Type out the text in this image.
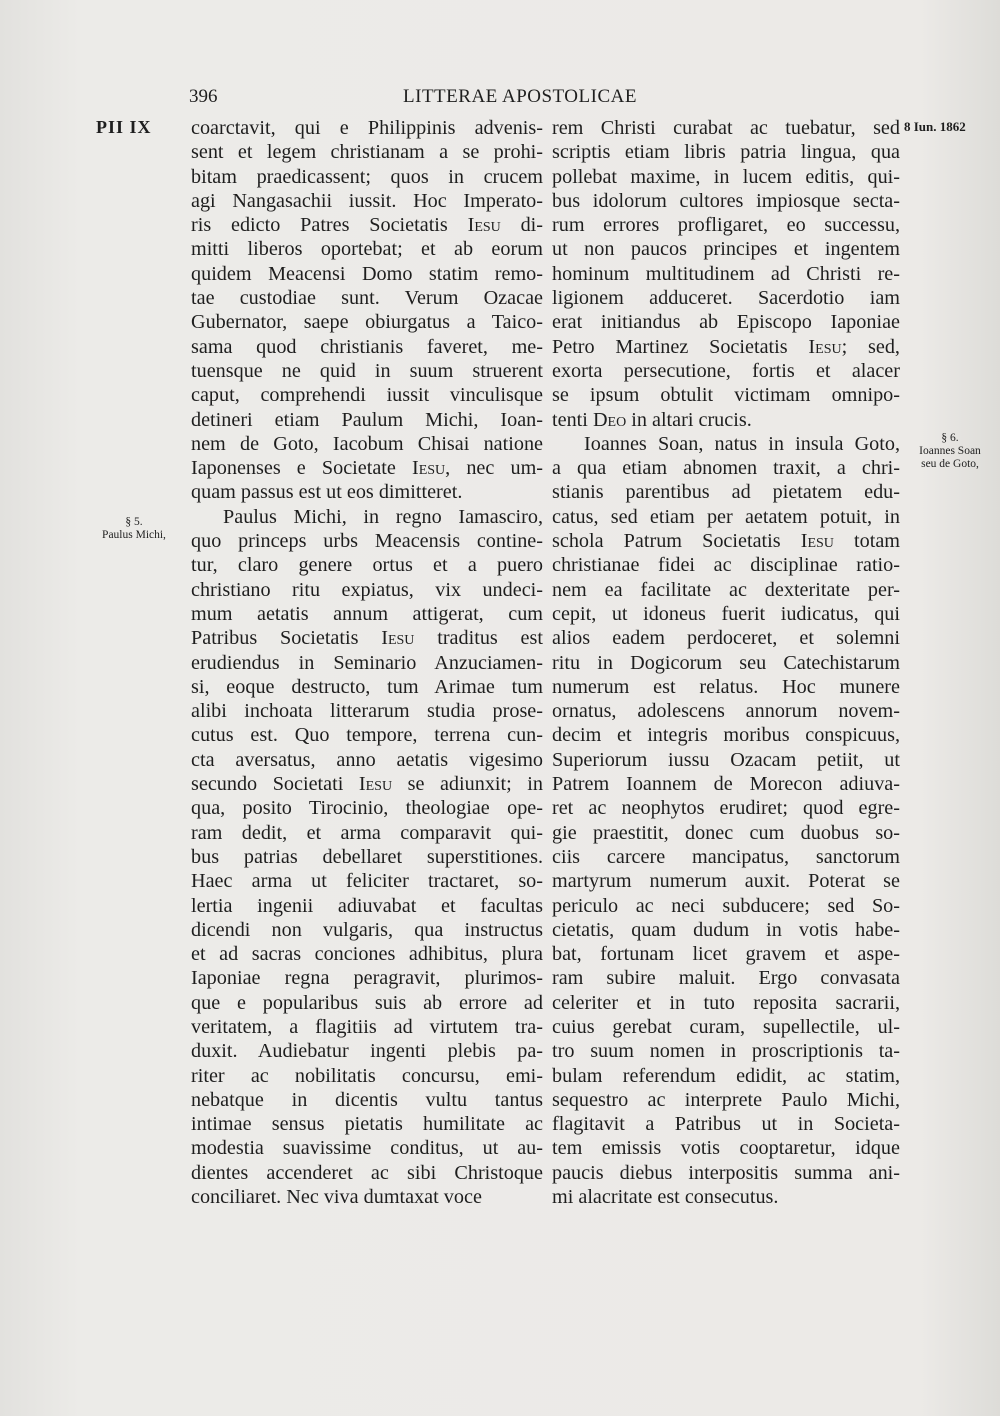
396	LITTERAE APOSTOLICAE
PII IX	8 Iun. 1862
§ 5.
Paulus Michi,
§ 6.
Ioannes Soan
seu de Goto,
coarctavit, qui e Philippinis advenis-
sent et legem christianam a se prohi-
bitam praedicassent; quos in crucem
agi Nangasachii iussit. Hoc Imperato-
ris edicto Patres Societatis Iesu di-
mitti liberos oportebat; et ab eorum
quidem Meacensi Domo statim remo-
tae custodiae sunt. Verum Ozacae
Gubernator, saepe obiurgatus a Taico-
sama quod christianis faveret, me-
tuensque ne quid in suum struerent
caput, comprehendi iussit vinculisque
detineri etiam Paulum Michi, Ioan-
nem de Goto, Iacobum Chisai natione
Iaponenses e Societate Iesu, nec um-
quam passus est ut eos dimitteret.
Paulus Michi, in regno Iamasciro,
quo princeps urbs Meacensis contine-
tur, claro genere ortus et a puero
christiano ritu expiatus, vix undeci-
mum aetatis annum attigerat, cum
Patribus Societatis Iesu traditus est
erudiendus in Seminario Anzuciamen-
si, eoque destructo, tum Arimae tum
alibi inchoata litterarum studia prose-
cutus est. Quo tempore, terrena cun-
cta aversatus, anno aetatis vigesimo
secundo Societati Iesu se adiunxit; in
qua, posito Tirocinio, theologiae ope-
ram dedit, et arma comparavit qui-
bus patrias debellaret superstitiones.
Haec arma ut feliciter tractaret, so-
lertia ingenii adiuvabat et facultas
dicendi non vulgaris, qua instructus
et ad sacras conciones adhibitus, plura
Iaponiae regna peragravit, plurimos-
que e popularibus suis ab errore ad
veritatem, a flagitiis ad virtutem tra-
duxit. Audiebatur ingenti plebis pa-
riter ac nobilitatis concursu, emi-
nebatque in dicentis vultu tantus
intimae sensus pietatis humilitate ac
modestia suavissime conditus, ut au-
dientes accenderet ac sibi Christoque
conciliaret. Nec viva dumtaxat voce
rem Christi curabat ac tuebatur, sed
scriptis etiam libris patria lingua, qua
pollebat maxime, in lucem editis, qui-
bus idolorum cultores impiosque secta-
rum errores profligaret, eo successu,
ut non paucos principes et ingentem
hominum multitudinem ad Christi re-
ligionem adduceret. Sacerdotio iam
erat initiandus ab Episcopo Iaponiae
Petro Martinez Societatis Iesu; sed,
exorta persecutione, fortis et alacer
se ipsum obtulit victimam omnipo-
tenti Deo in altari crucis.
Ioannes Soan, natus in insula Goto,
a qua etiam abnomen traxit, a chri-
stianis parentibus ad pietatem edu-
catus, sed etiam per aetatem potuit, in
schola Patrum Societatis Iesu totam
christianae fidei ac disciplinae ratio-
nem ea facilitate ac dexteritate per-
cepit, ut idoneus fuerit iudicatus, qui
alios eadem perdoceret, et solemni
ritu in Dogicorum seu Catechistarum
numerum est relatus. Hoc munere
ornatus, adolescens annorum novem-
decim et integris moribus conspicuus,
Superiorum iussu Ozacam petiit, ut
Patrem Ioannem de Morecon adiuva-
ret ac neophytos erudiret; quod egre-
gie praestitit, donec cum duobus so-
ciis carcere mancipatus, sanctorum
martyrum numerum auxit. Poterat se
periculo ac neci subducere; sed So-
cietatis, quam dudum in votis habe-
bat, fortunam licet gravem et aspe-
ram subire maluit. Ergo convasata
celeriter et in tuto reposita sacrarii,
cuius gerebat curam, supellectile, ul-
tro suum nomen in proscriptionis ta-
bulam referendum edidit, ac statim,
sequestro ac interprete Paulo Michi,
flagitavit a Patribus ut in Societa-
tem emissis votis cooptaretur, idque
paucis diebus interpositis summa ani-
mi alacritate est consecutus.
